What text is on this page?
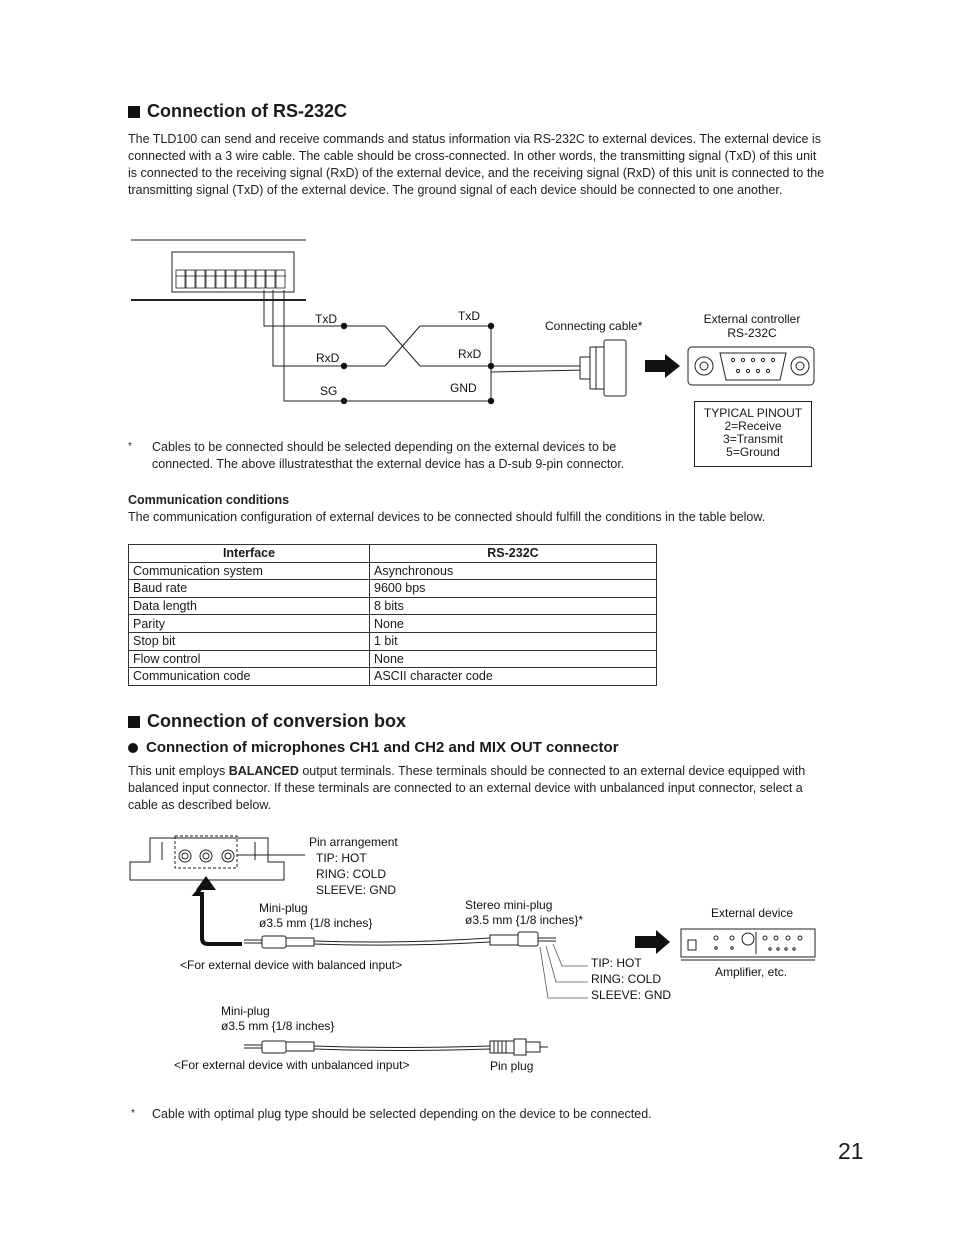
Connection of RS-232C
The TLD100 can send and receive commands and status information via RS-232C to external devices. The external device is connected with a 3 wire cable. The cable should be cross-connected. In other words, the transmitting signal (TxD) of this unit is connected to the receiving signal (RxD) of the external device, and the receiving signal (RxD) of this unit is connected to the transmitting signal (TxD) of the external device. The ground signal of each device should be connected to one another.
TxD
RxD
SG
TxD
RxD
GND
Connecting cable*	External controller
RS-232C
TYPICAL PINOUT
2=Receive
3=Transmit
5=Ground
* Cables to be connected should be selected depending on the external devices to be connected. The above illustratesthat the external device has a D-sub 9-pin connector.
Communication conditions
The communication configuration of external devices to be connected should fulfill the conditions in the table below.
Interface	RS-232C
Communication system	Asynchronous
Baud rate	9600 bps
Data length	8 bits
Parity	None
Stop bit	1 bit
Flow control	None
Communication code	ASCII character code
Connection of conversion box
Connection of microphones CH1 and CH2 and MIX OUT connector
This unit employs BALANCED output terminals. These terminals should be connected to an external device equipped with balanced input connector. If these terminals are connected to an external device with unbalanced input connector, select a cable as described below.
Pin arrangement
TIP: HOT
RING: COLD
SLEEVE: GND
Mini-plug
ø3.5 mm {1/8 inches}
Stereo mini-plug
ø3.5 mm {1/8 inches}*	External device
Amplifier, etc.
<For external device with balanced input>	TIP: HOT
RING: COLD
SLEEVE: GND
Mini-plug
ø3.5 mm {1/8 inches}
<For external device with unbalanced input>	Pin plug
* Cable with optimal plug type should be selected depending on the device to be connected.
21
